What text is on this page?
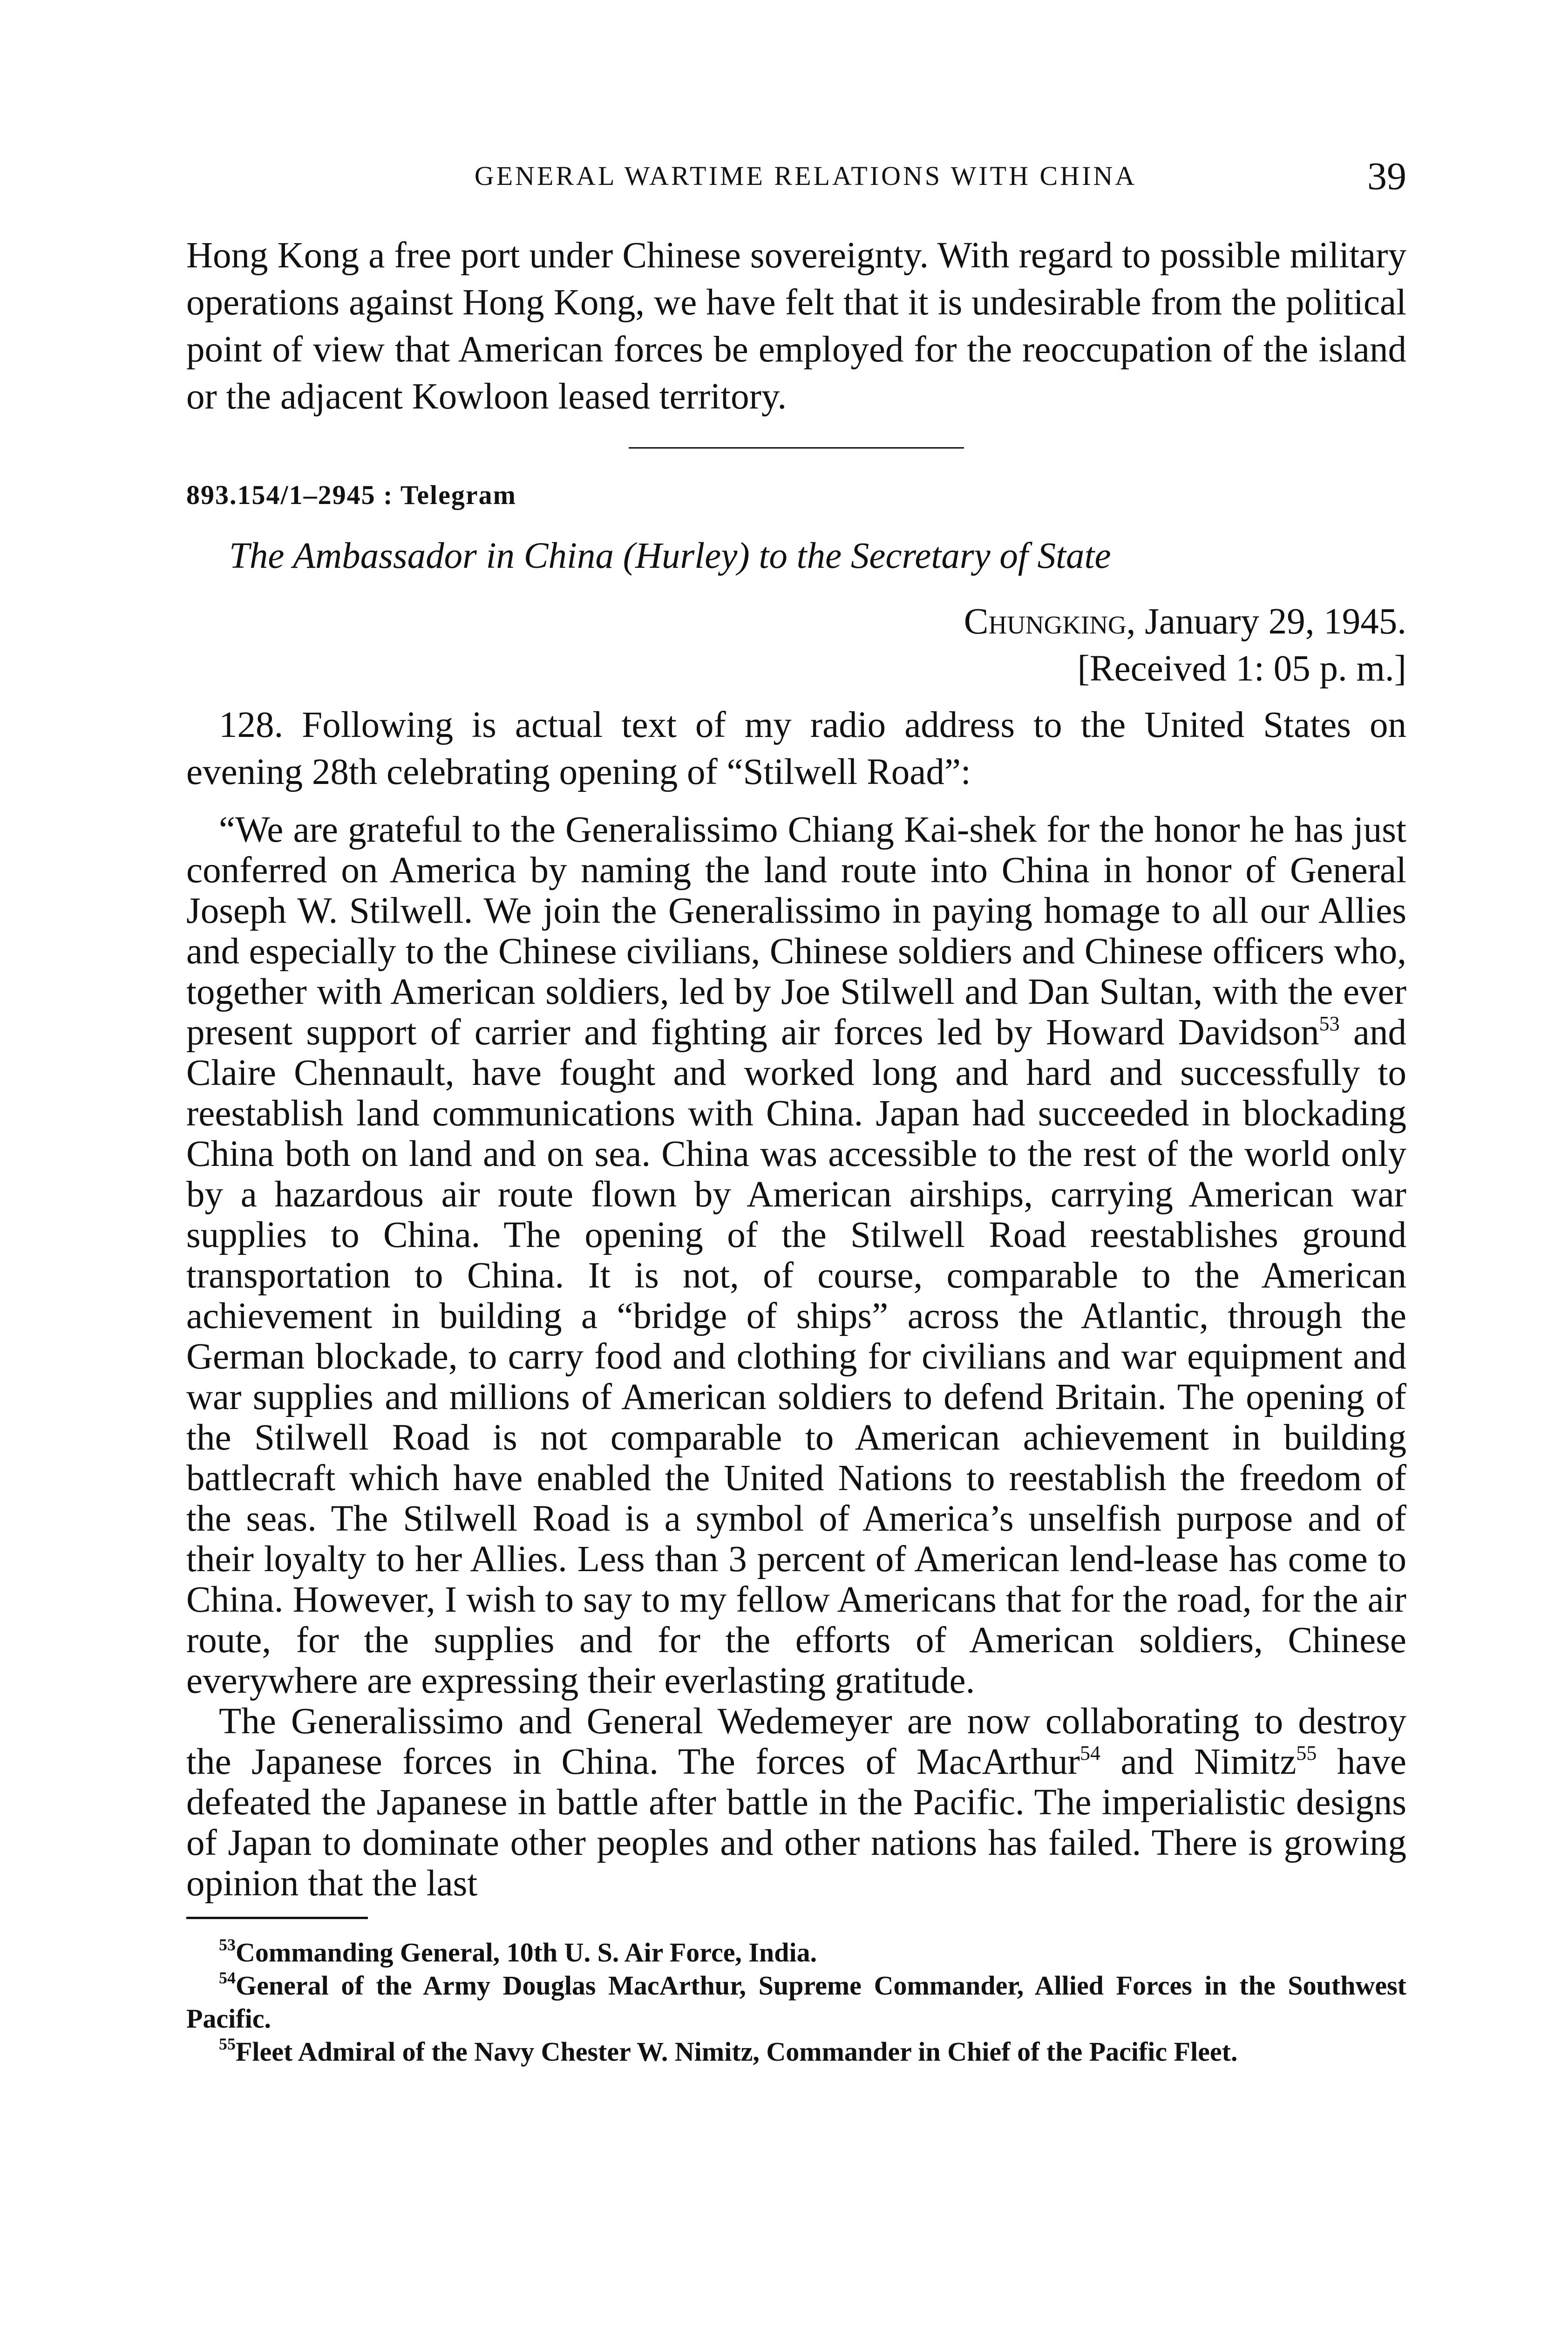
GENERAL WARTIME RELATIONS WITH CHINA	39

Hong Kong a free port under Chinese sovereignty. With regard to possible military operations against Hong Kong, we have felt that it is undesirable from the political point of view that American forces be employed for the reoccupation of the island or the adjacent Kowloon leased territory.

893.154/1–2945 : Telegram

The Ambassador in China (Hurley) to the Secretary of State

Chungking, January 29, 1945.

[Received 1: 05 p. m.]

128. Following is actual text of my radio address to the United States on evening 28th celebrating opening of “Stilwell Road”:

“We are grateful to the Generalissimo Chiang Kai-shek for the honor he has just conferred on America by naming the land route into China in honor of General Joseph W. Stilwell. We join the Generalissimo in paying homage to all our Allies and especially to the Chinese civilians, Chinese soldiers and Chinese officers who, together with American soldiers, led by Joe Stilwell and Dan Sultan, with the ever present support of carrier and fighting air forces led by Howard Davidson$^{53}$ and Claire Chennault, have fought and worked long and hard and successfully to reestablish land communications with China. Japan had succeeded in blockading China both on land and on sea. China was accessible to the rest of the world only by a hazardous air route flown by American airships, carrying American war supplies to China. The opening of the Stilwell Road reestablishes ground transportation to China. It is not, of course, comparable to the American achievement in building a “bridge of ships” across the Atlantic, through the German blockade, to carry food and clothing for civilians and war equipment and war supplies and millions of American soldiers to defend Britain. The opening of the Stilwell Road is not comparable to American achievement in building battlecraft which have enabled the United Nations to reestablish the freedom of the seas. The Stilwell Road is a symbol of America’s unselfish purpose and of their loyalty to her Allies. Less than 3 percent of American lend-lease has come to China. However, I wish to say to my fellow Americans that for the road, for the air route, for the supplies and for the efforts of American soldiers, Chinese everywhere are expressing their everlasting gratitude.

The Generalissimo and General Wedemeyer are now collaborating to destroy the Japanese forces in China. The forces of MacArthur$^{54}$ and Nimitz$^{55}$ have defeated the Japanese in battle after battle in the Pacific. The imperialistic designs of Japan to dominate other peoples and other nations has failed. There is growing opinion that the last

$^{53}$Commanding General, 10th U. S. Air Force, India.

$^{54}$General of the Army Douglas MacArthur, Supreme Commander, Allied Forces in the Southwest Pacific.

$^{55}$Fleet Admiral of the Navy Chester W. Nimitz, Commander in Chief of the Pacific Fleet.
